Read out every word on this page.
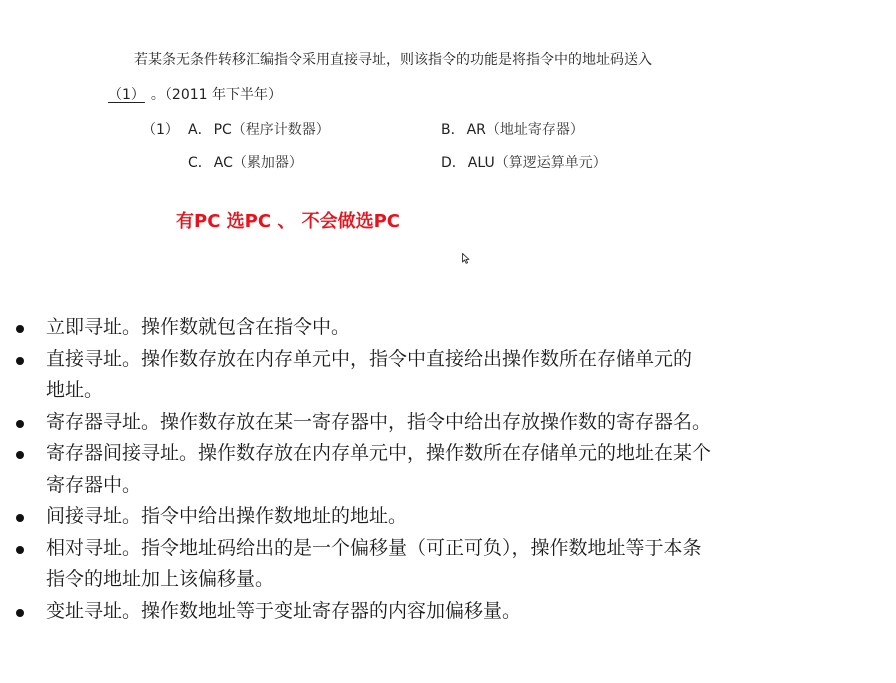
若某条无条件转移汇编指令采用直接寻址，则该指令的功能是将指令中的地址码送入
（1） 。（2011 年下半年）
（1） A． PC（程序计数器）	B． AR（地址寄存器）
C． AC（累加器）	D． ALU（算逻运算单元）
有PC 选PC 、 不会做选PC
立即寻址。操作数就包含在指令中。
直接寻址。操作数存放在内存单元中，指令中直接给出操作数所在存储单元的
地址。
寄存器寻址。操作数存放在某一寄存器中，指令中给出存放操作数的寄存器名。
寄存器间接寻址。操作数存放在内存单元中，操作数所在存储单元的地址在某个
寄存器中。
间接寻址。指令中给出操作数地址的地址。
相对寻址。指令地址码给出的是一个偏移量（可正可负），操作数地址等于本条
指令的地址加上该偏移量。
变址寻址。操作数地址等于变址寄存器的内容加偏移量。
